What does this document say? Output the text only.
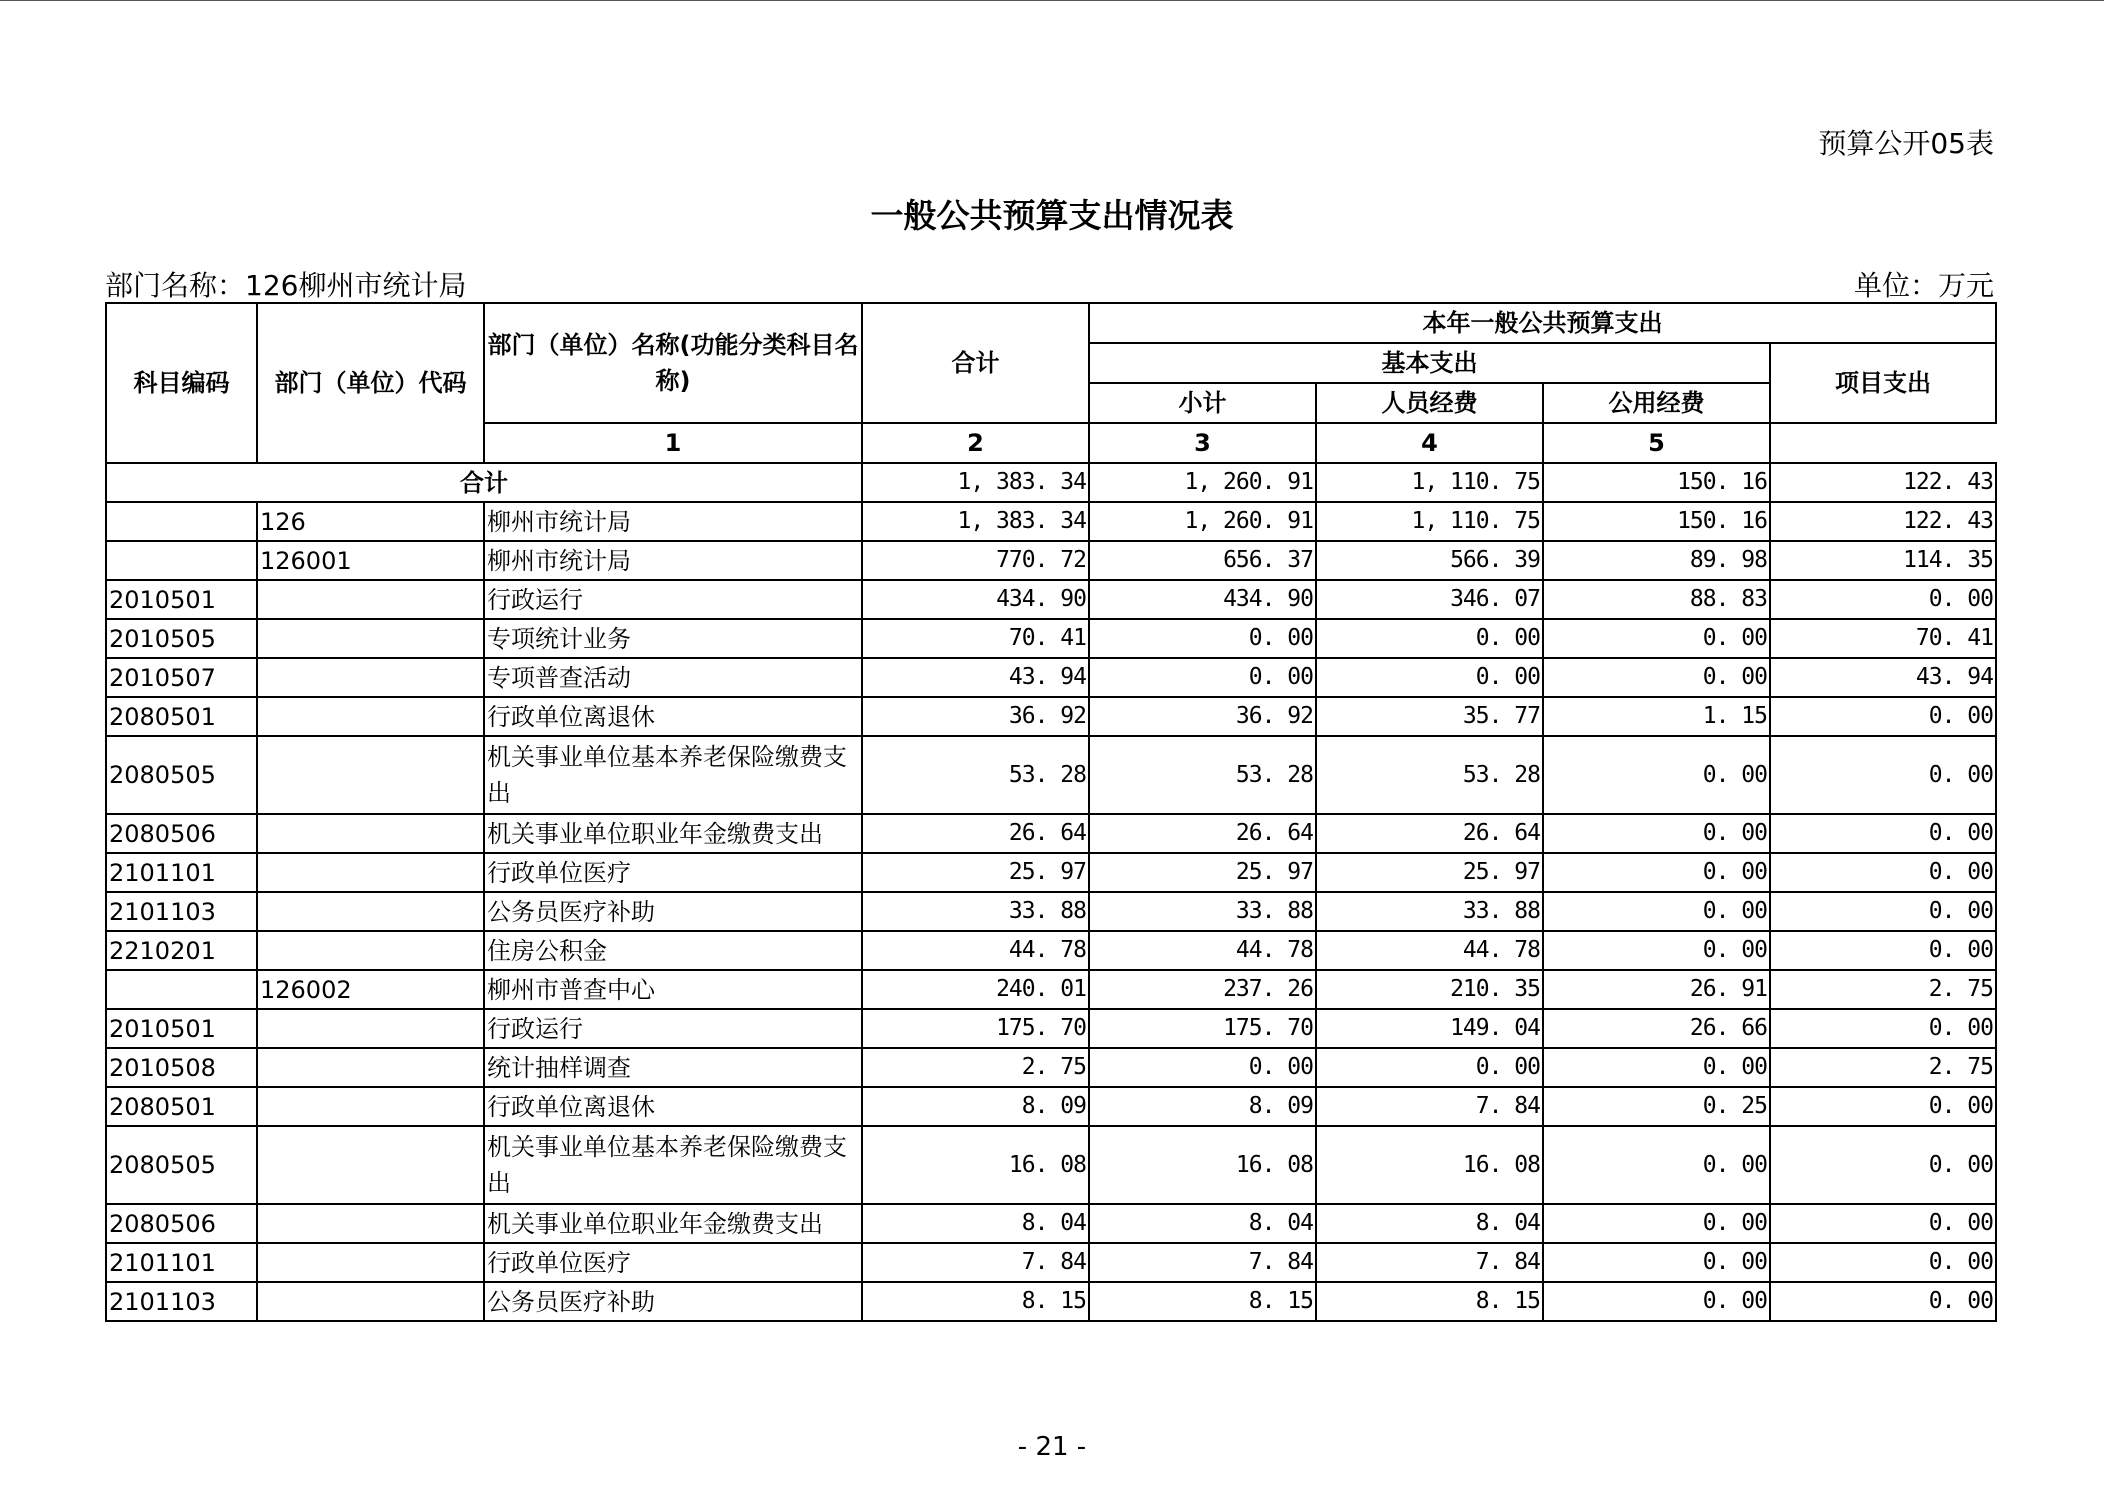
预算公开05表
一般公共预算支出情况表
部门名称：126柳州市统计局	单位：万元
科目编码	部门（单位）代码	部门（单位）名称(功能分类科目名称)	合计	本年一般公共预算支出			
				基本支出			项目支出
				小计	人员经费	公用经费	
		1	2	3	4	5	
合计			1, 383. 34	1, 260. 91	1, 110. 75	150. 16	122. 43
	126	柳州市统计局	1, 383. 34	1, 260. 91	1, 110. 75	150. 16	122. 43
	126001	柳州市统计局	770. 72	656. 37	566. 39	89. 98	114. 35
2010501		行政运行	434. 90	434. 90	346. 07	88. 83	0. 00
2010505		专项统计业务	70. 41	0. 00	0. 00	0. 00	70. 41
2010507		专项普查活动	43. 94	0. 00	0. 00	0. 00	43. 94
2080501		行政单位离退休	36. 92	36. 92	35. 77	1. 15	0. 00
2080505		机关事业单位基本养老保险缴费支出	53. 28	53. 28	53. 28	0. 00	0. 00
2080506		机关事业单位职业年金缴费支出	26. 64	26. 64	26. 64	0. 00	0. 00
2101101		行政单位医疗	25. 97	25. 97	25. 97	0. 00	0. 00
2101103		公务员医疗补助	33. 88	33. 88	33. 88	0. 00	0. 00
2210201		住房公积金	44. 78	44. 78	44. 78	0. 00	0. 00
	126002	柳州市普查中心	240. 01	237. 26	210. 35	26. 91	2. 75
2010501		行政运行	175. 70	175. 70	149. 04	26. 66	0. 00
2010508		统计抽样调查	2. 75	0. 00	0. 00	0. 00	2. 75
2080501		行政单位离退休	8. 09	8. 09	7. 84	0. 25	0. 00
2080505		机关事业单位基本养老保险缴费支出	16. 08	16. 08	16. 08	0. 00	0. 00
2080506		机关事业单位职业年金缴费支出	8. 04	8. 04	8. 04	0. 00	0. 00
2101101		行政单位医疗	7. 84	7. 84	7. 84	0. 00	0. 00
2101103		公务员医疗补助	8. 15	8. 15	8. 15	0. 00	0. 00
- 21 -
